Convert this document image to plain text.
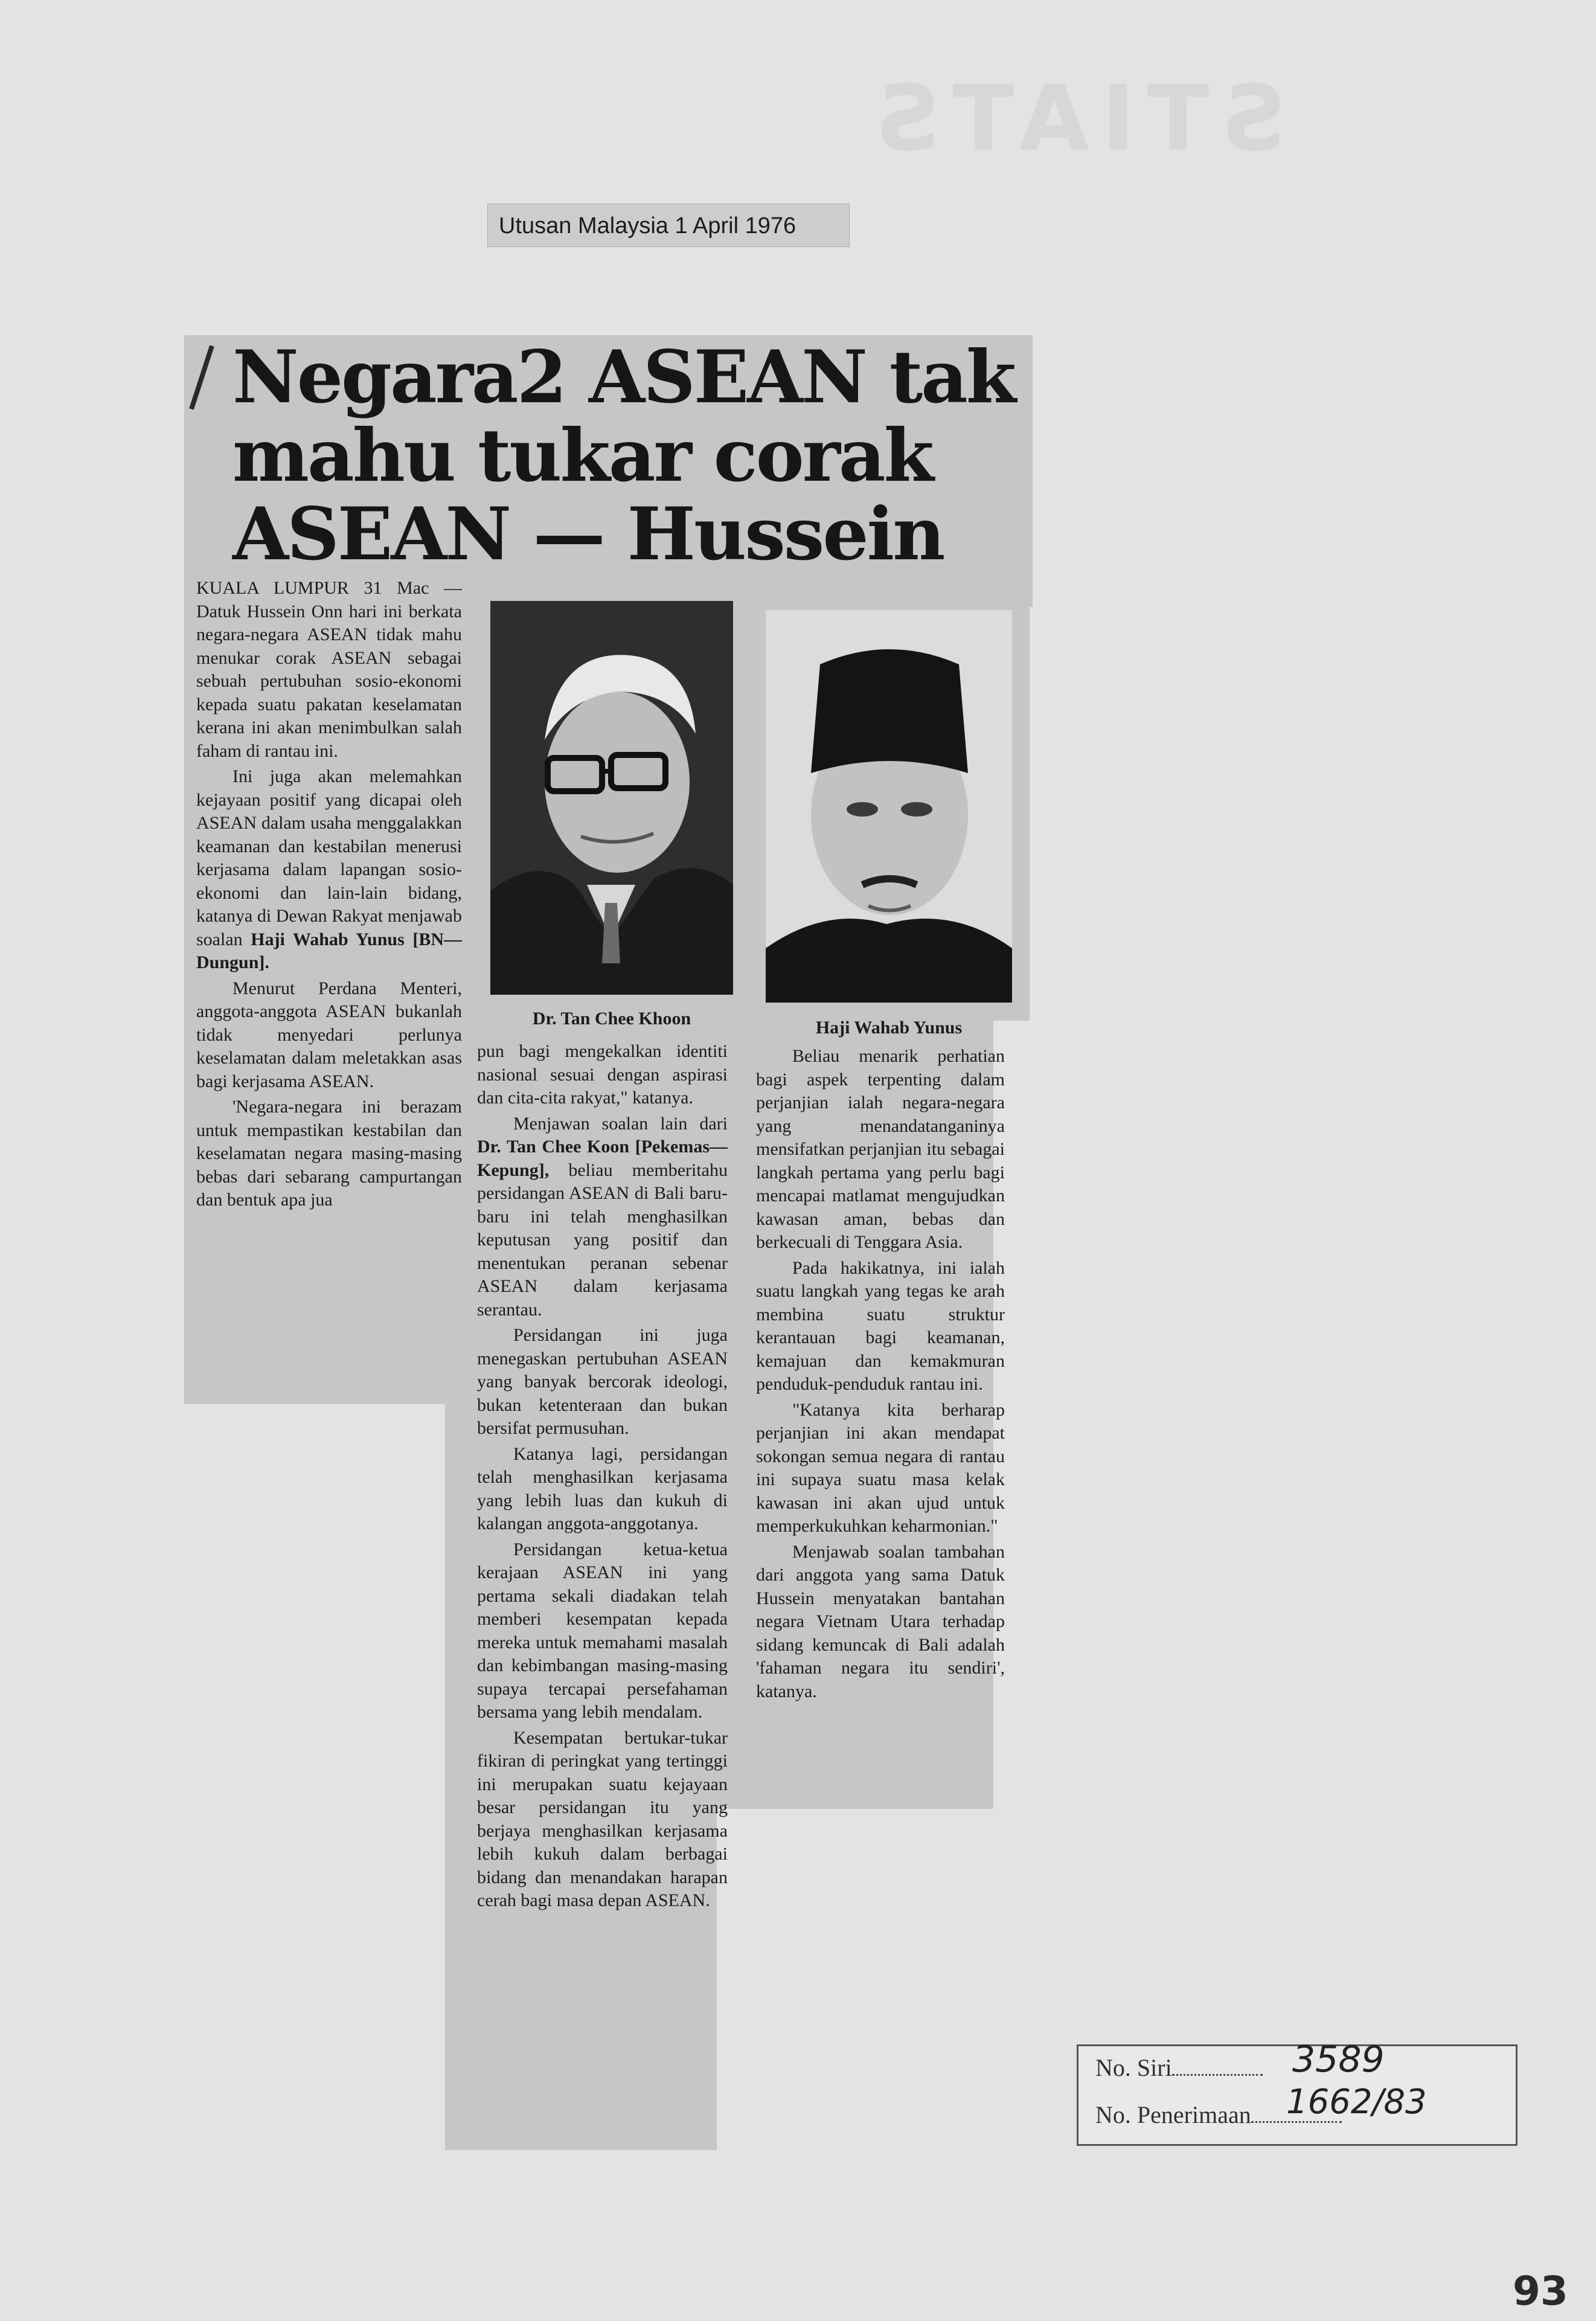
STIATS
Utusan Malaysia 1 April 1976
Negara2 ASEAN tak mahu tukar corak ASEAN — Hussein

KUALA LUMPUR 31 Mac — Datuk Hussein Onn hari ini berkata negara-negara ASEAN tidak mahu menukar corak ASEAN sebagai sebuah pertubuhan sosio-ekonomi kepada suatu pakatan keselamatan kerana ini akan menimbulkan salah faham di rantau ini.

Ini juga akan melemahkan kejayaan positif yang dicapai oleh ASEAN dalam usaha menggalakkan keamanan dan kestabilan menerusi kerjasama dalam lapangan sosio-ekonomi dan lain-lain bidang, katanya di Dewan Rakyat menjawab soalan Haji Wahab Yunus [BN—Dungun].

Menurut Perdana Menteri, anggota-anggota ASEAN bukanlah tidak menyedari perlunya keselamatan dalam meletakkan asas bagi kerjasama ASEAN.

'Negara-negara ini berazam untuk mempastikan kestabilan dan keselamatan negara masing-masing bebas dari sebarang campurtangan dan bentuk apa jua

Dr. Tan Chee Khoon	Haji Wahab Yunus

pun bagi mengekalkan identiti nasional sesuai dengan aspirasi dan cita-cita rakyat," katanya.

Menjawan soalan lain dari Dr. Tan Chee Koon [Pekemas—Kepung], beliau memberitahu persidangan ASEAN di Bali baru-baru ini telah menghasilkan keputusan yang positif dan menentukan peranan sebenar ASEAN dalam kerjasama serantau.

Persidangan ini juga menegaskan pertubuhan ASEAN yang banyak bercorak ideologi, bukan ketenteraan dan bukan bersifat permusuhan.

Katanya lagi, persidangan telah menghasilkan kerjasama yang lebih luas dan kukuh di kalangan anggota-anggotanya.

Persidangan ketua-ketua kerajaan ASEAN ini yang pertama sekali diadakan telah memberi kesempatan kepada mereka untuk memahami masalah dan kebimbangan masing-masing supaya tercapai persefahaman bersama yang lebih mendalam.

Kesempatan bertukar-tukar fikiran di peringkat yang tertinggi ini merupakan suatu kejayaan besar persidangan itu yang berjaya menghasilkan kerjasama lebih kukuh dalam berbagai bidang dan menandakan harapan cerah bagi masa depan ASEAN.

Beliau menarik perhatian bagi aspek terpenting dalam perjanjian ialah negara-negara yang menandatanganinya mensifatkan perjanjian itu sebagai langkah pertama yang perlu bagi mencapai matlamat mengujudkan kawasan aman, bebas dan berkecuali di Tenggara Asia.

Pada hakikatnya, ini ialah suatu langkah yang tegas ke arah membina suatu struktur kerantauan bagi keamanan, kemajuan dan kemakmuran penduduk-penduduk rantau ini.

"Katanya kita berharap perjanjian ini akan mendapat sokongan semua negara di rantau ini supaya suatu masa kelak kawasan ini akan ujud untuk memperkukuhkan keharmonian."

Menjawab soalan tambahan dari anggota yang sama Datuk Hussein menyatakan bantahan negara Vietnam Utara terhadap sidang kemuncak di Bali adalah 'fahaman negara itu sendiri', katanya.

No. Siri
No. Penerimaan
3589
1662/83
93
